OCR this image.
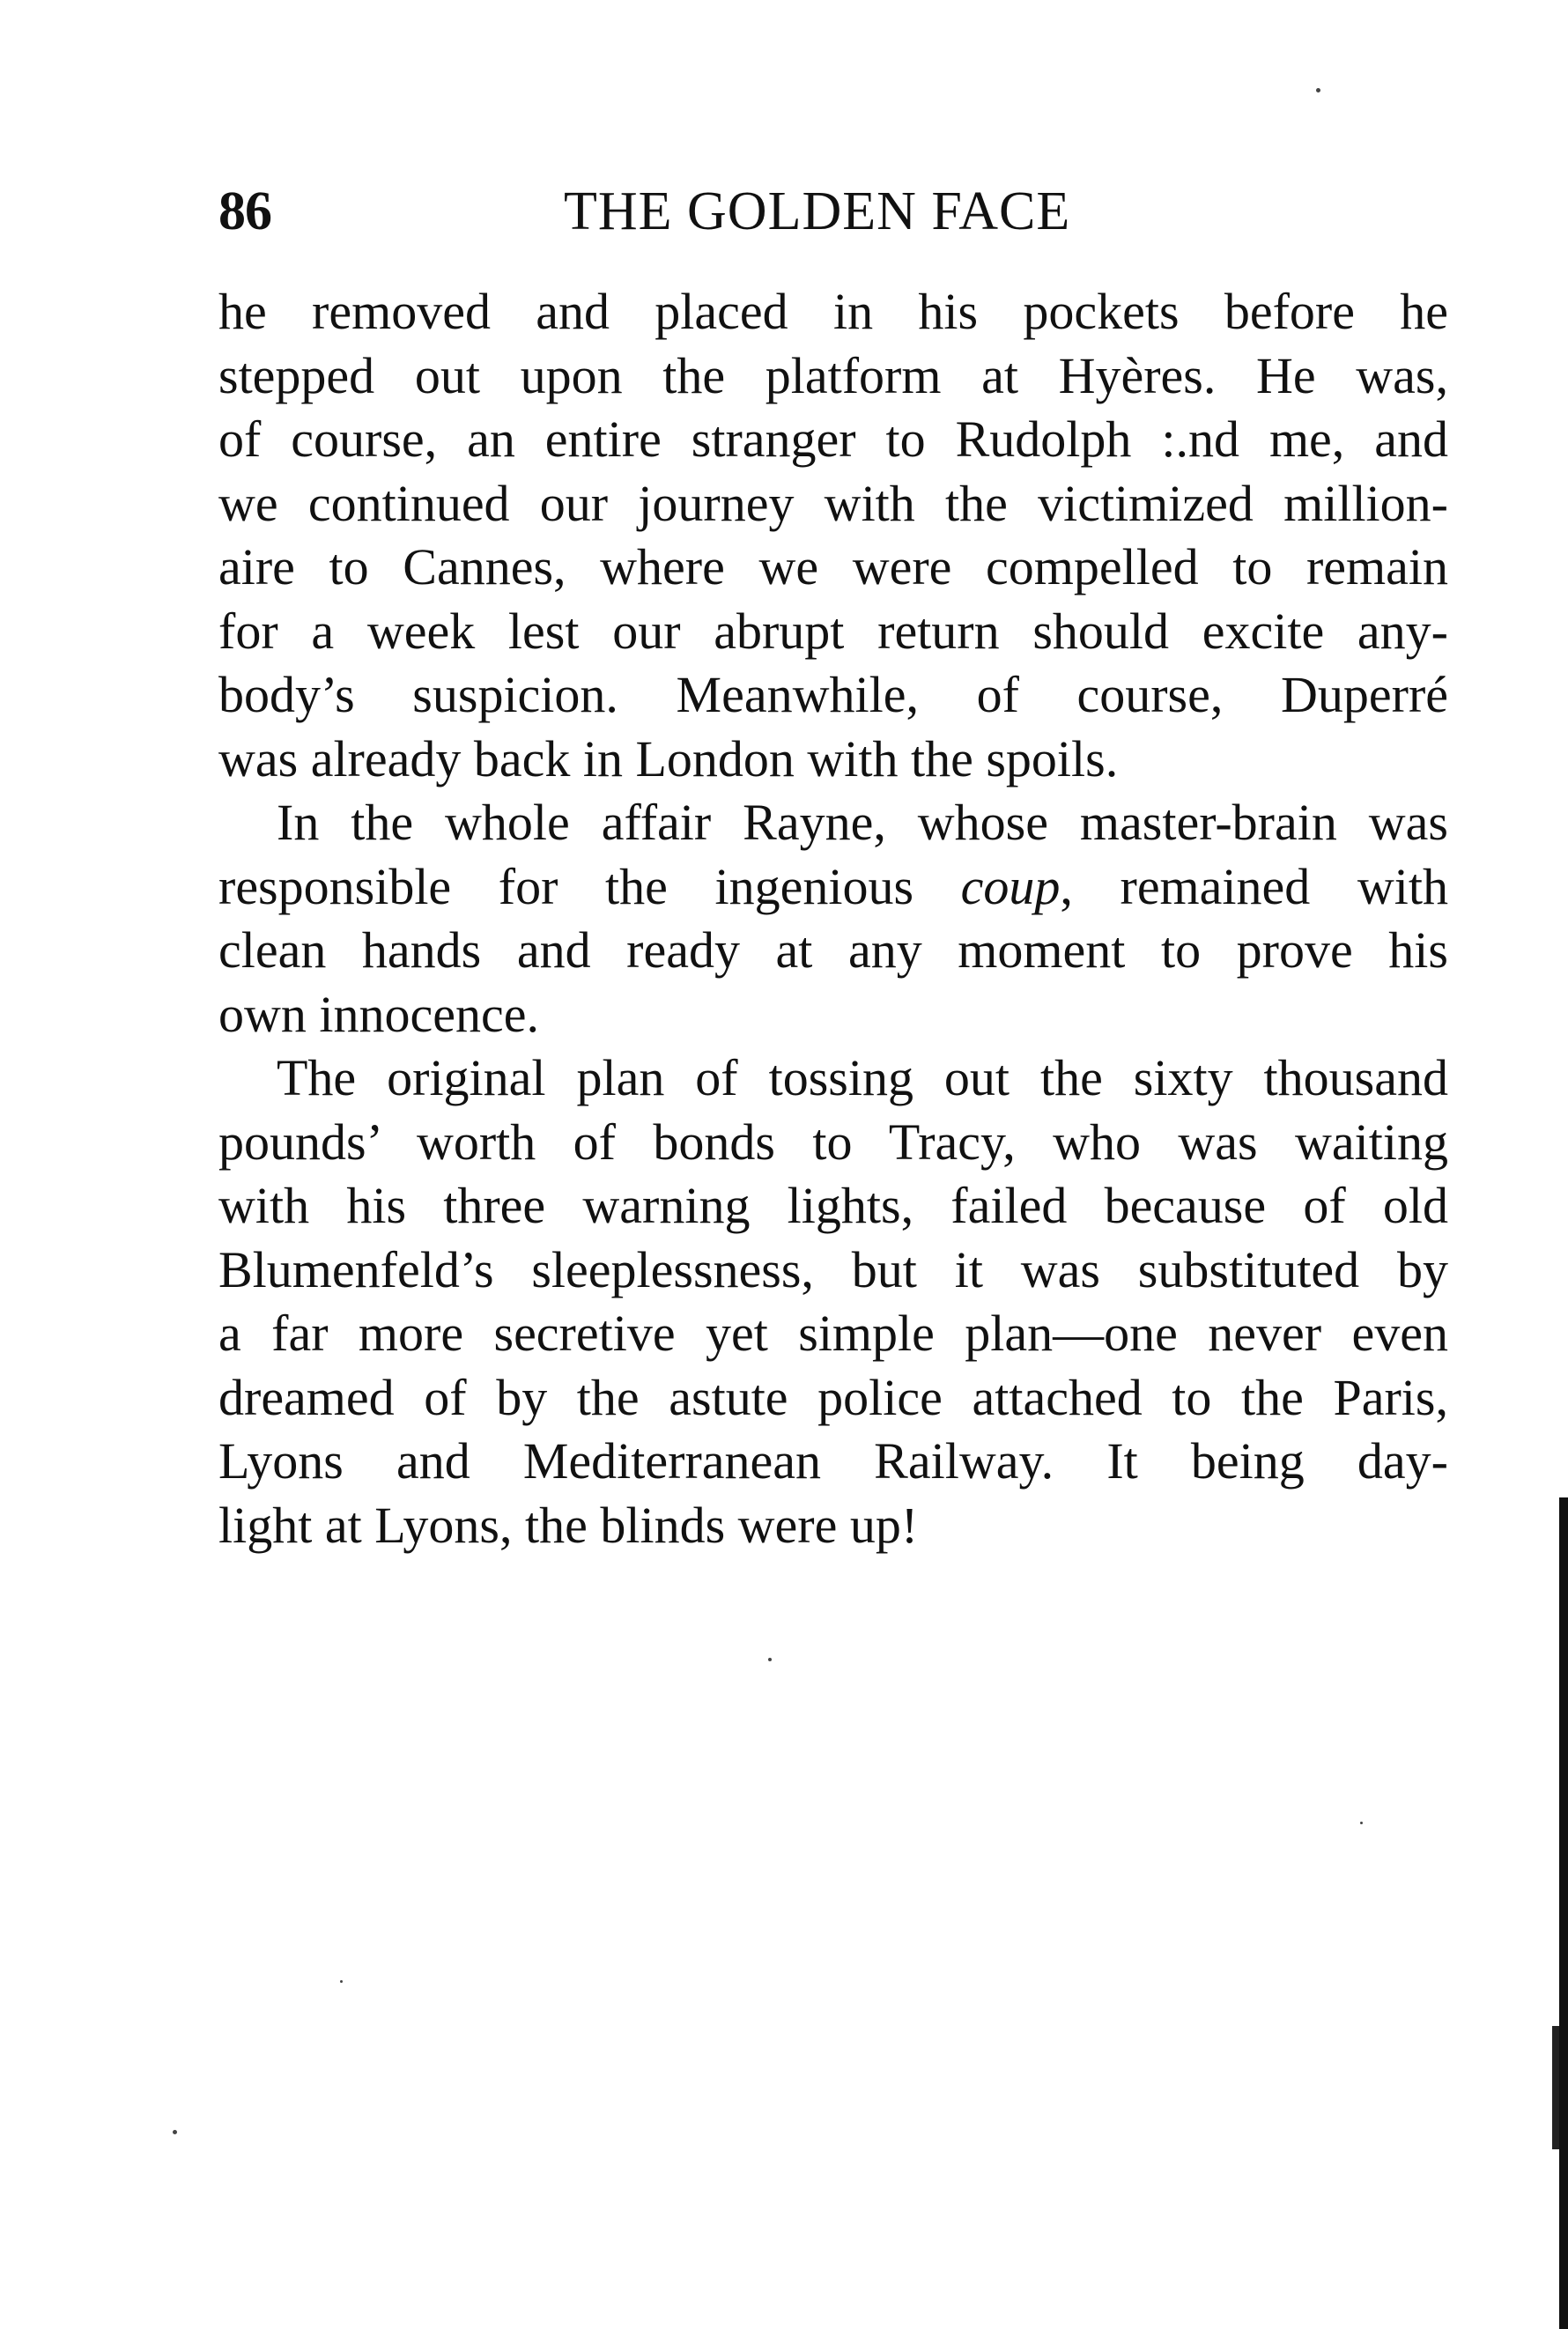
86	THE GOLDEN FACE
he removed and placed in his pockets before he
stepped out upon the platform at Hyères. He was,
of course, an entire stranger to Rudolph :.nd me, and
we continued our journey with the victimized million-
aire to Cannes, where we were compelled to remain
for a week lest our abrupt return should excite any-
body’s suspicion. Meanwhile, of course, Duperré
was already back in London with the spoils.
In the whole affair Rayne, whose master-brain was
responsible for the ingenious coup, remained with
clean hands and ready at any moment to prove his
own innocence.
The original plan of tossing out the sixty thousand
pounds’ worth of bonds to Tracy, who was waiting
with his three warning lights, failed because of old
Blumenfeld’s sleeplessness, but it was substituted by
a far more secretive yet simple plan—one never even
dreamed of by the astute police attached to the Paris,
Lyons and Mediterranean Railway. It being day-
light at Lyons, the blinds were up!
